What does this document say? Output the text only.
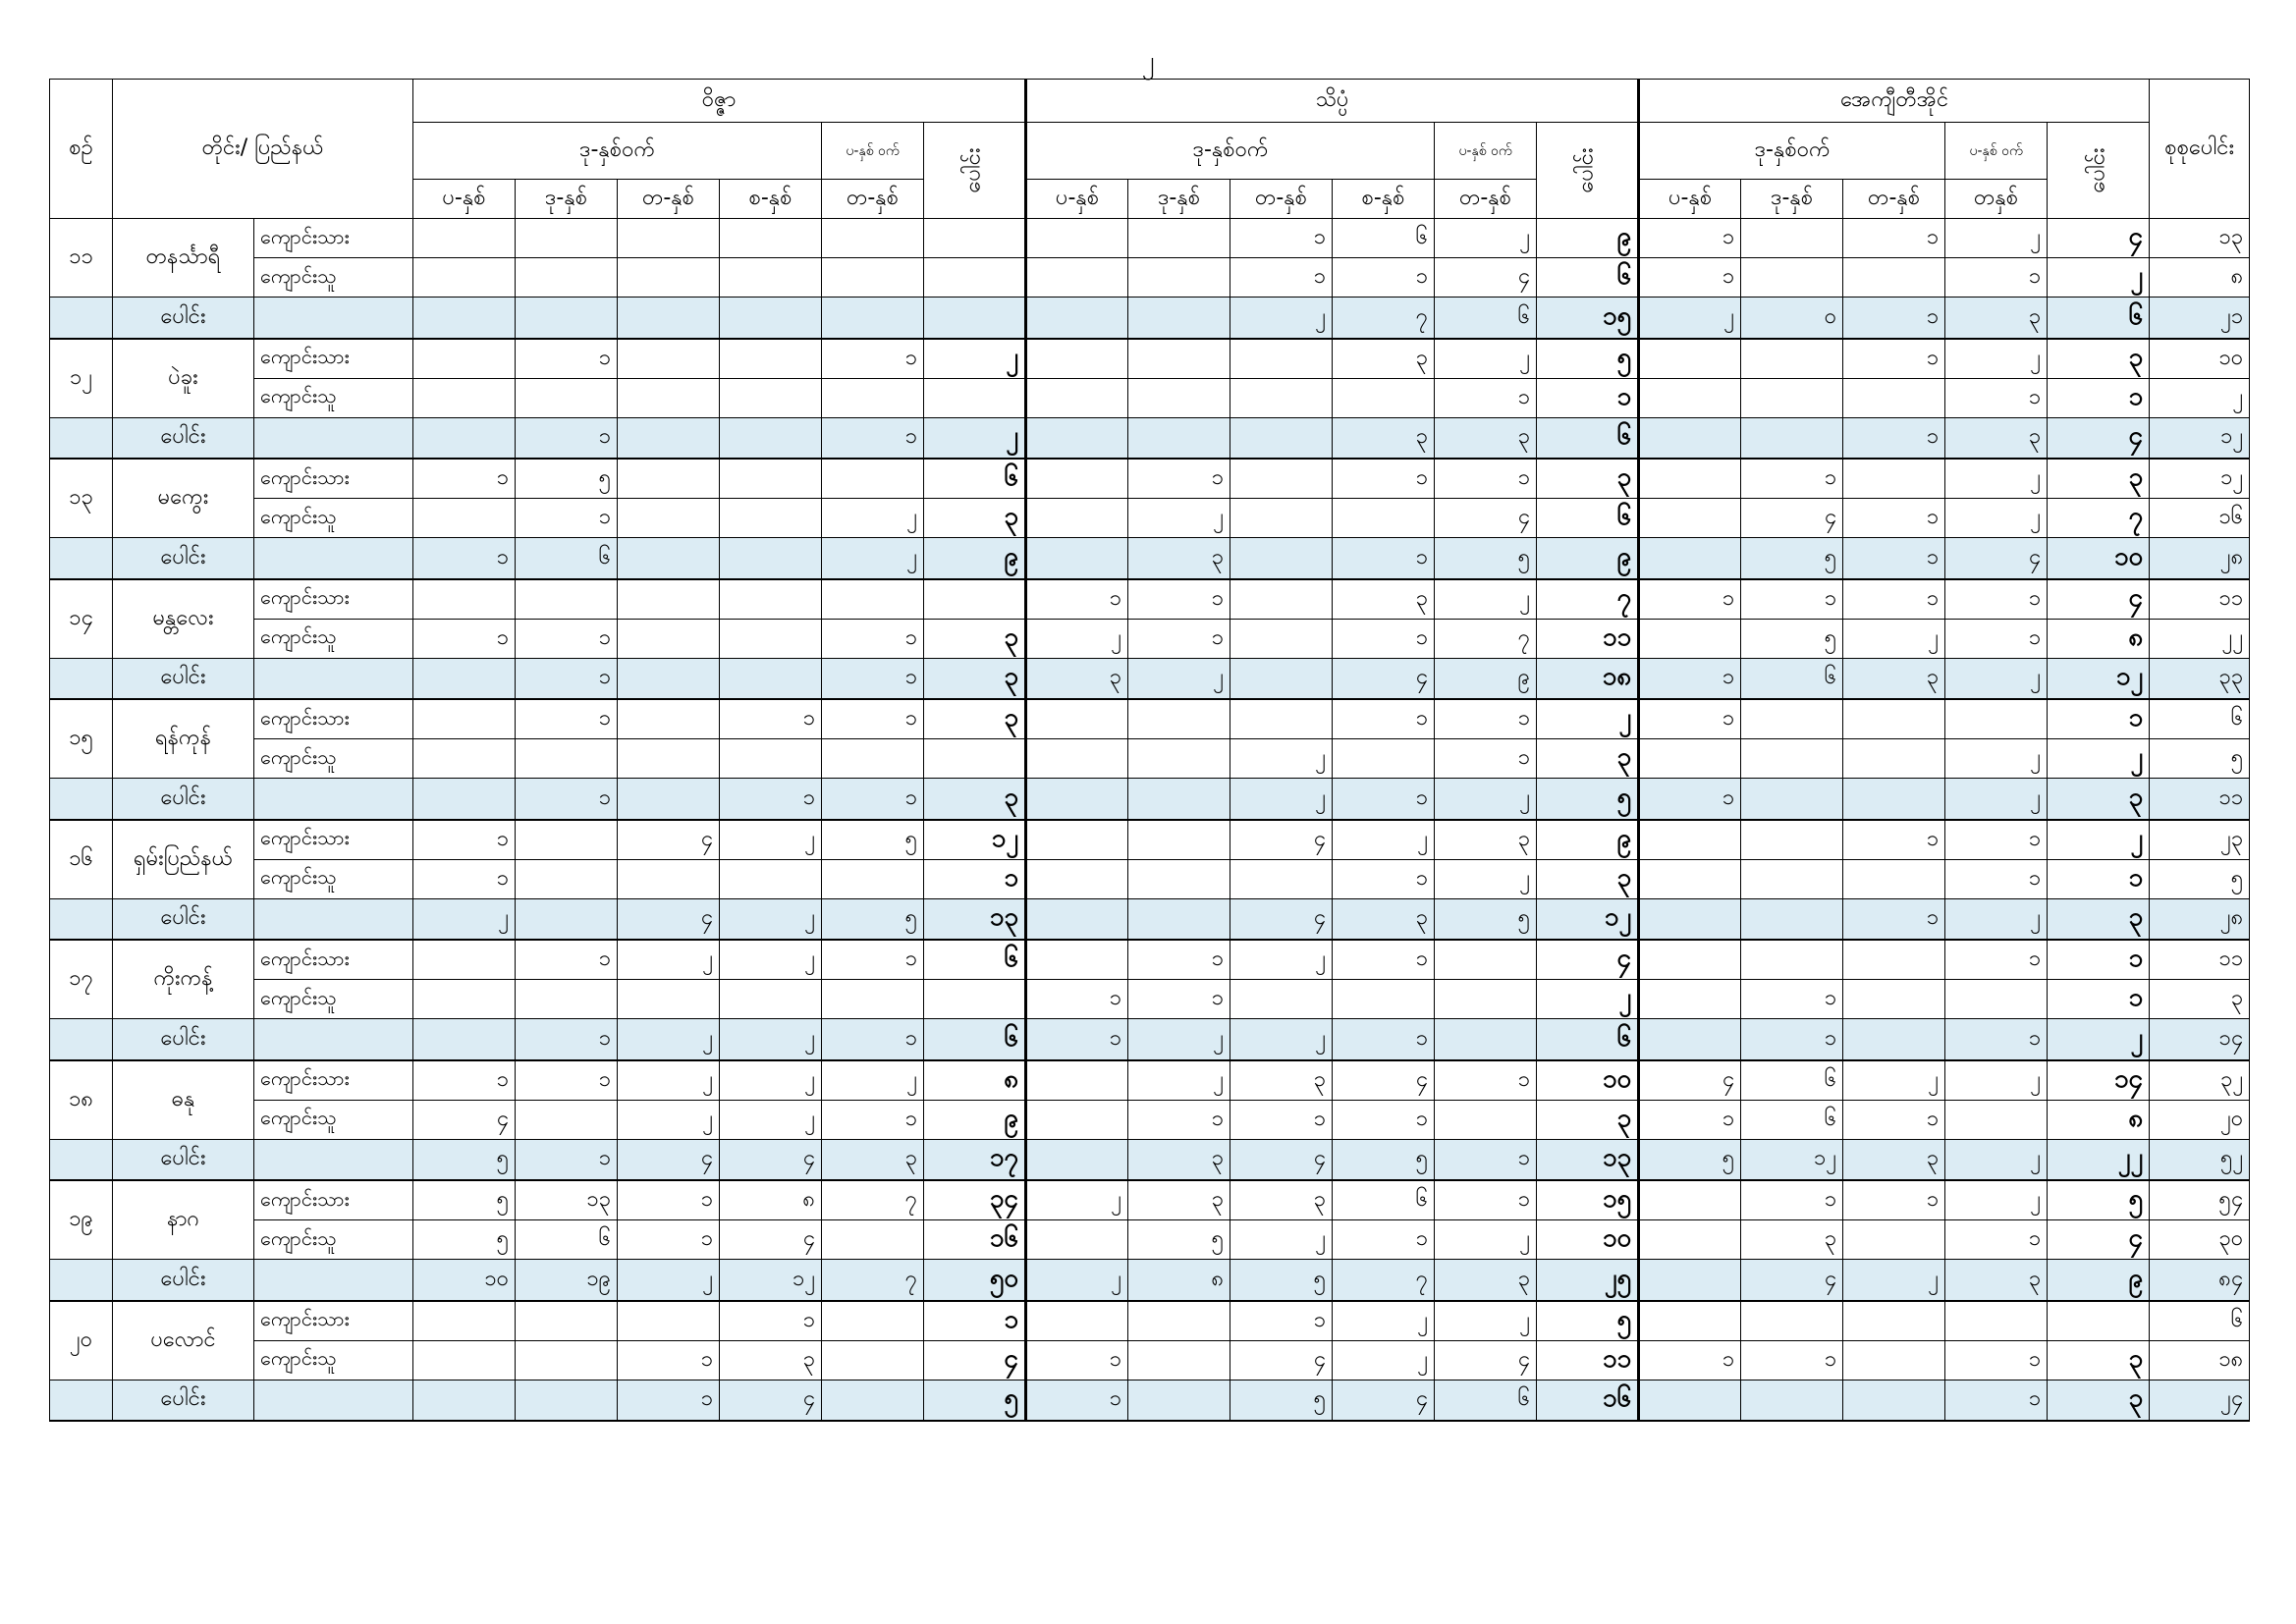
၂
စဉ်	တိုင်း/ ပြည်နယ်		ဝိဇ္ဇာ						သိပ္ပံ						အေကျီတီအိုင်					စုစုပေါင်း
			ဒု-နှစ်ဝက်				ပ-နှစ် ဝက်	ပေါင်း	ဒု-နှစ်ဝက်				ပ-နှစ် ဝက်	ပေါင်း	ဒု-နှစ်ဝက်			ပ-နှစ် ဝက်	ပေါင်း	
			ပ-နှစ်	ဒု-နှစ်	တ-နှစ်	စ-နှစ်	တ-နှစ်		ပ-နှစ်	ဒု-နှစ်	တ-နှစ်	စ-နှစ်	တ-နှစ်		ပ-နှစ်	ဒု-နှစ်	တ-နှစ်	တနှစ်		
၁၁	တနင်္သာရီ	ကျောင်းသား									၁	၆	၂	၉	၁		၁	၂	၄	၁၃
		ကျောင်းသူ									၁	၁	၄	၆	၁			၁	၂	၈
	ပေါင်း										၂	၇	၆	၁၅	၂	၀	၁	၃	၆	၂၁
၁၂	ပဲခူး	ကျောင်းသား		၁			၁	၂				၃	၂	၅			၁	၂	၃	၁၀
		ကျောင်းသူ											၁	၁				၁	၁	၂
	ပေါင်း			၁			၁	၂				၃	၃	၆			၁	၃	၄	၁၂
၁၃	မကွေး	ကျောင်းသား	၁	၅				၆		၁		၁	၁	၃		၁		၂	၃	၁၂
		ကျောင်းသူ		၁			၂	၃		၂			၄	၆		၄	၁	၂	၇	၁၆
	ပေါင်း		၁	၆			၂	၉		၃		၁	၅	၉		၅	၁	၄	၁၀	၂၈
၁၄	မန္တလေး	ကျောင်းသား							၁	၁		၃	၂	၇	၁	၁	၁	၁	၄	၁၁
		ကျောင်းသူ	၁	၁			၁	၃	၂	၁		၁	၇	၁၁		၅	၂	၁	၈	၂၂
	ပေါင်း			၁			၁	၃	၃	၂		၄	၉	၁၈	၁	၆	၃	၂	၁၂	၃၃
၁၅	ရန်ကုန်	ကျောင်းသား		၁		၁	၁	၃				၁	၁	၂	၁				၁	၆
		ကျောင်းသူ									၂		၁	၃				၂	၂	၅
	ပေါင်း			၁		၁	၁	၃			၂	၁	၂	၅	၁			၂	၃	၁၁
၁၆	ရှမ်းပြည်နယ်	ကျောင်းသား	၁		၄	၂	၅	၁၂			၄	၂	၃	၉			၁	၁	၂	၂၃
		ကျောင်းသူ	၁					၁				၁	၂	၃				၁	၁	၅
	ပေါင်း		၂		၄	၂	၅	၁၃			၄	၃	၅	၁၂			၁	၂	၃	၂၈
၁၇	ကိုးကန့်	ကျောင်းသား		၁	၂	၂	၁	၆		၁	၂	၁		၄				၁	၁	၁၁
		ကျောင်းသူ							၁	၁				၂		၁			၁	၃
	ပေါင်း			၁	၂	၂	၁	၆	၁	၂	၂	၁		၆		၁		၁	၂	၁၄
၁၈	ဓနု	ကျောင်းသား	၁	၁	၂	၂	၂	၈		၂	၃	၄	၁	၁၀	၄	၆	၂	၂	၁၄	၃၂
		ကျောင်းသူ	၄		၂	၂	၁	၉		၁	၁	၁		၃	၁	၆	၁		၈	၂၀
	ပေါင်း		၅	၁	၄	၄	၃	၁၇		၃	၄	၅	၁	၁၃	၅	၁၂	၃	၂	၂၂	၅၂
၁၉	နာဂ	ကျောင်းသား	၅	၁၃	၁	၈	၇	၃၄	၂	၃	၃	၆	၁	၁၅		၁	၁	၂	၅	၅၄
		ကျောင်းသူ	၅	၆	၁	၄		၁၆		၅	၂	၁	၂	၁၀		၃		၁	၄	၃၀
	ပေါင်း		၁၀	၁၉	၂	၁၂	၇	၅၀	၂	၈	၅	၇	၃	၂၅		၄	၂	၃	၉	၈၄
၂၀	ပလောင်	ကျောင်းသား				၁		၁			၁	၂	၂	၅						၆
		ကျောင်းသူ			၁	၃		၄	၁		၄	၂	၄	၁၁	၁	၁		၁	၃	၁၈
	ပေါင်း				၁	၄		၅	၁		၅	၄	၆	၁၆				၁	၃	၂၄
